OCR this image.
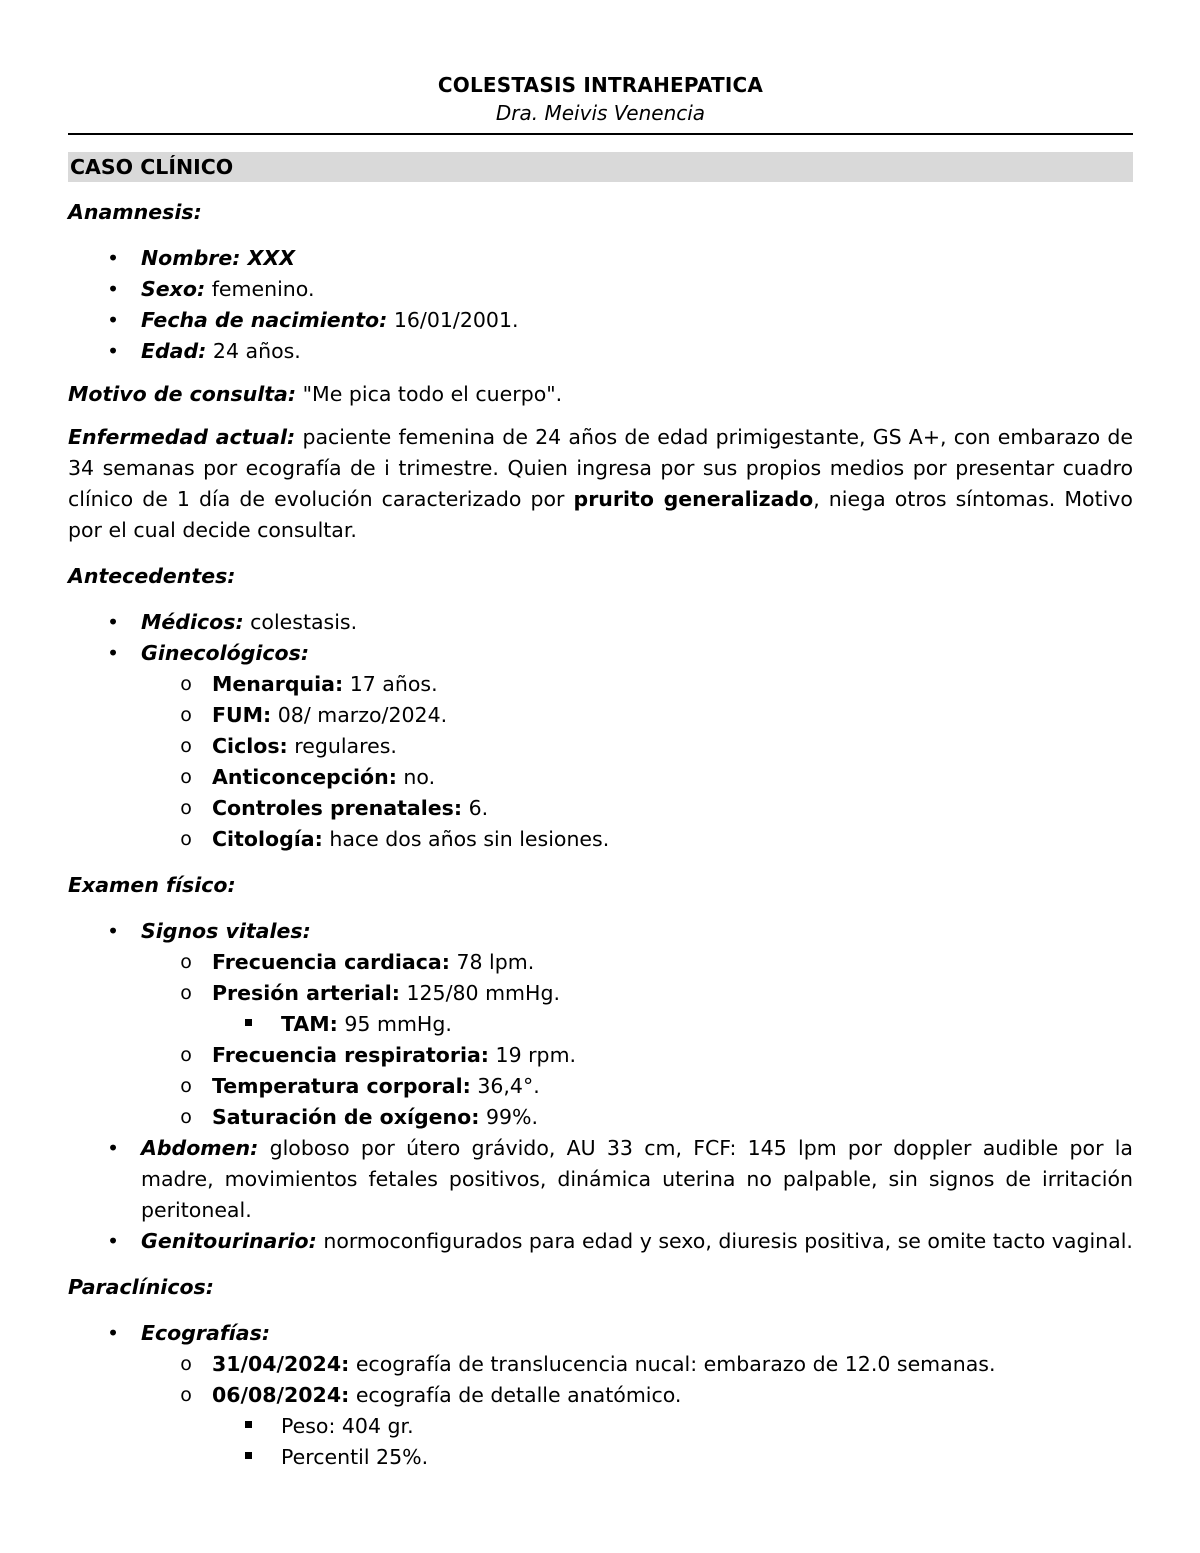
COLESTASIS INTRAHEPATICA
Dra. Meivis Venencia
CASO CLÍNICO
Anamnesis:
• Nombre: XXX
• Sexo: femenino.
• Fecha de nacimiento: 16/01/2001.
• Edad: 24 años.
Motivo de consulta: "Me pica todo el cuerpo".
Enfermedad actual: paciente femenina de 24 años de edad primigestante, GS A+, con embarazo de 34 semanas por ecografía de i trimestre. Quien ingresa por sus propios medios por presentar cuadro clínico de 1 día de evolución caracterizado por prurito generalizado, niega otros síntomas. Motivo por el cual decide consultar.
Antecedentes:
• Médicos: colestasis.
• Ginecológicos:
o Menarquia: 17 años.
o FUM: 08/ marzo/2024.
o Ciclos: regulares.
o Anticoncepción: no.
o Controles prenatales: 6.
o Citología: hace dos años sin lesiones.
Examen físico:
• Signos vitales:
o Frecuencia cardiaca: 78 lpm.
o Presión arterial: 125/80 mmHg.
TAM: 95 mmHg.
o Frecuencia respiratoria: 19 rpm.
o Temperatura corporal: 36,4°.
o Saturación de oxígeno: 99%.
• Abdomen: globoso por útero grávido, AU 33 cm, FCF: 145 lpm por doppler audible por la madre, movimientos fetales positivos, dinámica uterina no palpable, sin signos de irritación peritoneal.
• Genitourinario: normoconfigurados para edad y sexo, diuresis positiva, se omite tacto vaginal.
Paraclínicos:
• Ecografías:
o 31/04/2024: ecografía de translucencia nucal: embarazo de 12.0 semanas.
o 06/08/2024: ecografía de detalle anatómico.
Peso: 404 gr.
Percentil 25%.
